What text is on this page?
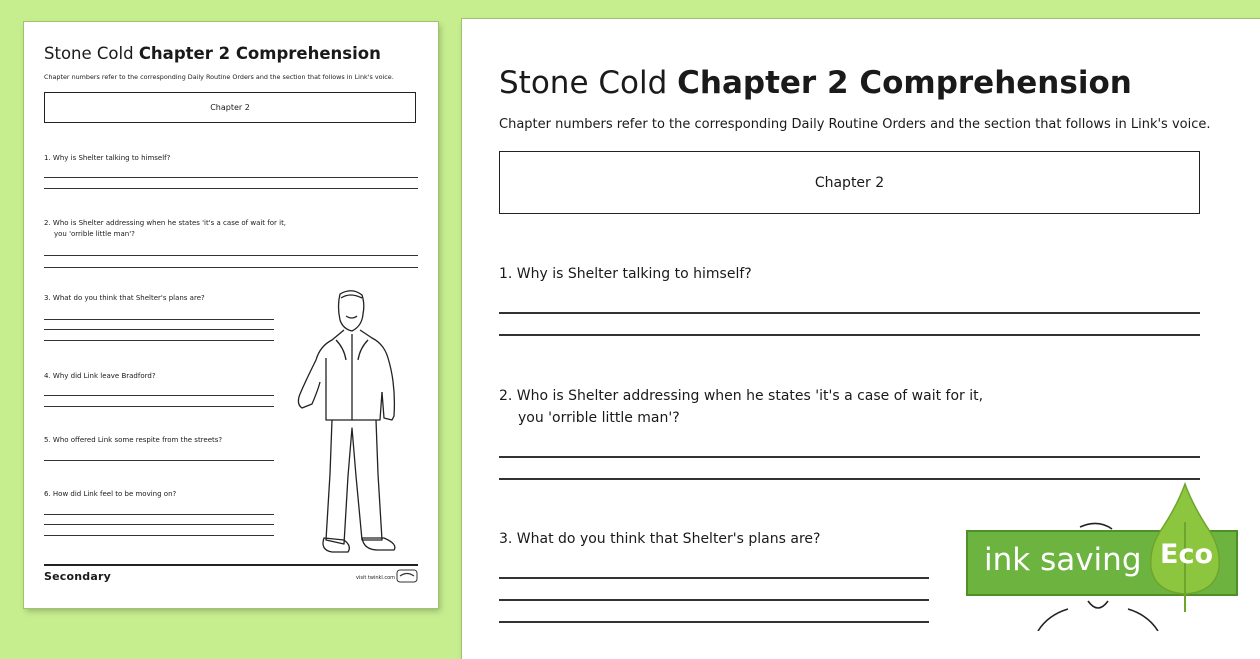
Stone Cold Chapter 2 Comprehension
Chapter numbers refer to the corresponding Daily Routine Orders and the section that follows in Link's voice.
Chapter 2
1. Why is Shelter talking to himself?
2. Who is Shelter addressing when he states 'it's a case of wait for it,
you 'orrible little man'?
3. What do you think that Shelter's plans are?
4. Why did Link leave Bradford?
5. Who offered Link some respite from the streets?
6. How did Link feel to be moving on?
Secondary	visit twinkl.com
Stone Cold Chapter 2 Comprehension
Chapter numbers refer to the corresponding Daily Routine Orders and the section that follows in Link's voice.
Chapter 2
1. Why is Shelter talking to himself?
2. Who is Shelter addressing when he states 'it's a case of wait for it,
you 'orrible little man'?
3. What do you think that Shelter's plans are?
ink saving Eco
